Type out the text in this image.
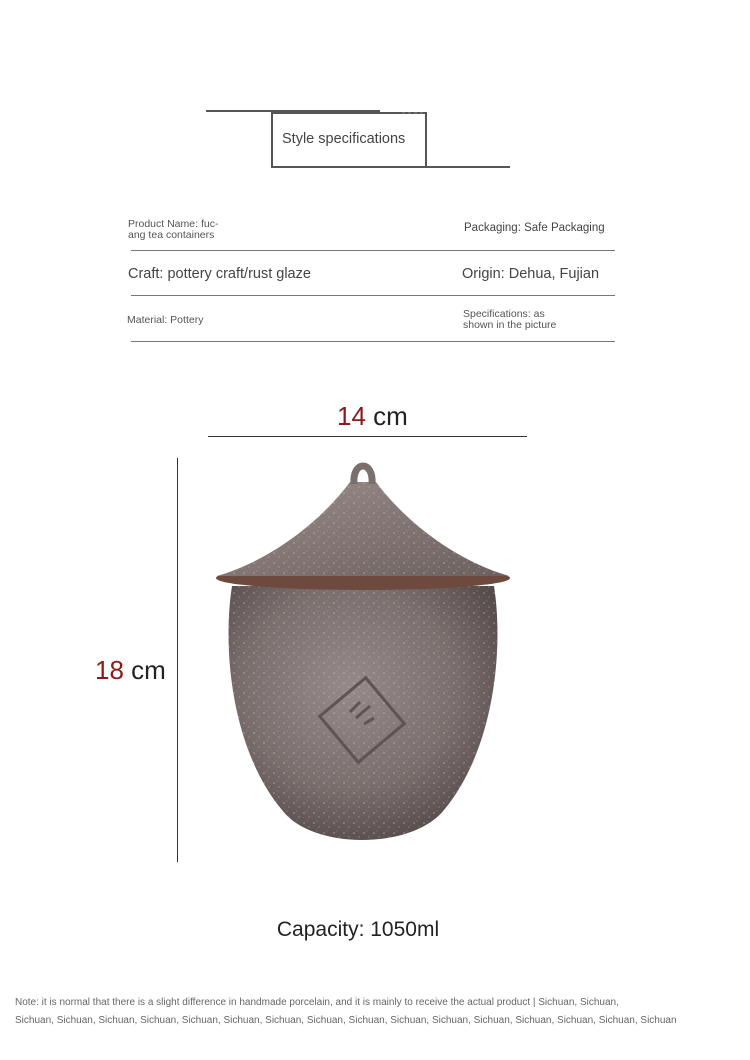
Style specifications
Product Name: fuc-
ang tea containers
Packaging: Safe Packaging
Craft: pottery craft/rust glaze	Origin: Dehua, Fujian
Material: Pottery	Specifications: as
shown in the picture
14 cm
18 cm
Capacity: 1050ml
Note: it is normal that there is a slight difference in handmade porcelain, and it is mainly to receive the actual product | Sichuan, Sichuan,
Sichuan, Sichuan, Sichuan, Sichuan, Sichuan, Sichuan, Sichuan, Sichuan, Sichuan, Sichuan, Sichuan, Sichuan, Sichuan, Sichuan, Sichuan, Sichuan
